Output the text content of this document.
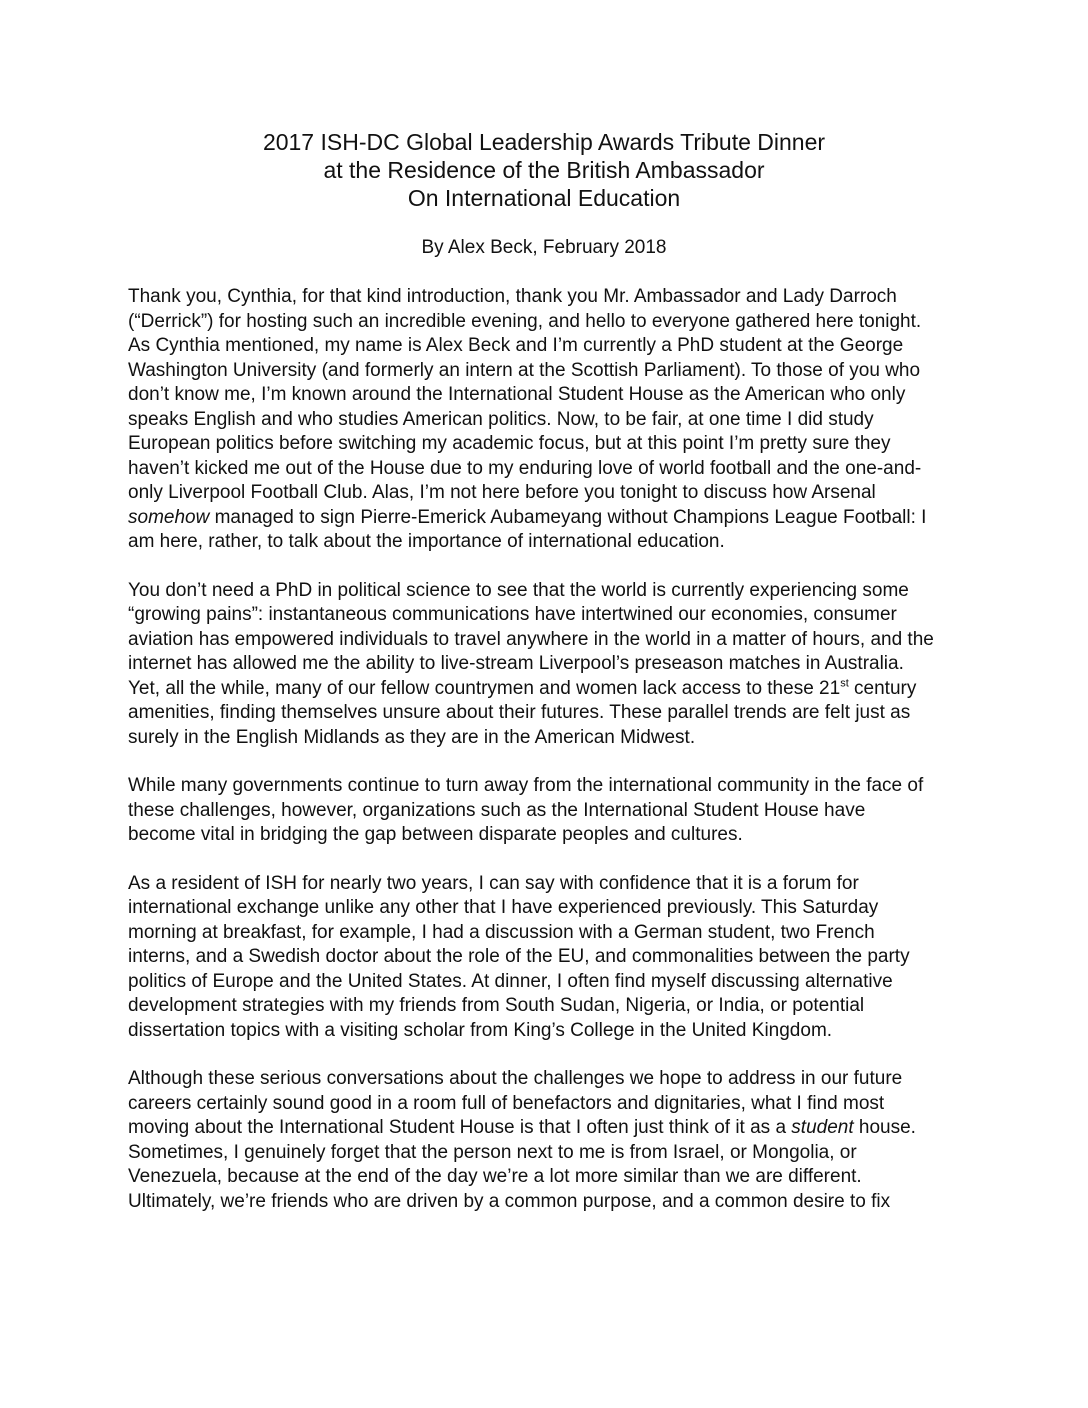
2017 ISH-DC Global Leadership Awards Tribute Dinner
at the Residence of the British Ambassador
On International Education
By Alex Beck, February 2018

Thank you, Cynthia, for that kind introduction, thank you Mr. Ambassador and Lady Darroch
(“Derrick”) for hosting such an incredible evening, and hello to everyone gathered here tonight.
As Cynthia mentioned, my name is Alex Beck and I’m currently a PhD student at the George
Washington University (and formerly an intern at the Scottish Parliament). To those of you who
don’t know me, I’m known around the International Student House as the American who only
speaks English and who studies American politics. Now, to be fair, at one time I did study
European politics before switching my academic focus, but at this point I’m pretty sure they
haven’t kicked me out of the House due to my enduring love of world football and the one-and-
only Liverpool Football Club. Alas, I’m not here before you tonight to discuss how Arsenal
somehow managed to sign Pierre-Emerick Aubameyang without Champions League Football: I
am here, rather, to talk about the importance of international education.

You don’t need a PhD in political science to see that the world is currently experiencing some
“growing pains”: instantaneous communications have intertwined our economies, consumer
aviation has empowered individuals to travel anywhere in the world in a matter of hours, and the
internet has allowed me the ability to live-stream Liverpool’s preseason matches in Australia.
Yet, all the while, many of our fellow countrymen and women lack access to these 21st century
amenities, finding themselves unsure about their futures. These parallel trends are felt just as
surely in the English Midlands as they are in the American Midwest.

While many governments continue to turn away from the international community in the face of
these challenges, however, organizations such as the International Student House have
become vital in bridging the gap between disparate peoples and cultures.

As a resident of ISH for nearly two years, I can say with confidence that it is a forum for
international exchange unlike any other that I have experienced previously. This Saturday
morning at breakfast, for example, I had a discussion with a German student, two French
interns, and a Swedish doctor about the role of the EU, and commonalities between the party
politics of Europe and the United States. At dinner, I often find myself discussing alternative
development strategies with my friends from South Sudan, Nigeria, or India, or potential
dissertation topics with a visiting scholar from King’s College in the United Kingdom.

Although these serious conversations about the challenges we hope to address in our future
careers certainly sound good in a room full of benefactors and dignitaries, what I find most
moving about the International Student House is that I often just think of it as a student house.
Sometimes, I genuinely forget that the person next to me is from Israel, or Mongolia, or
Venezuela, because at the end of the day we’re a lot more similar than we are different.
Ultimately, we’re friends who are driven by a common purpose, and a common desire to fix
